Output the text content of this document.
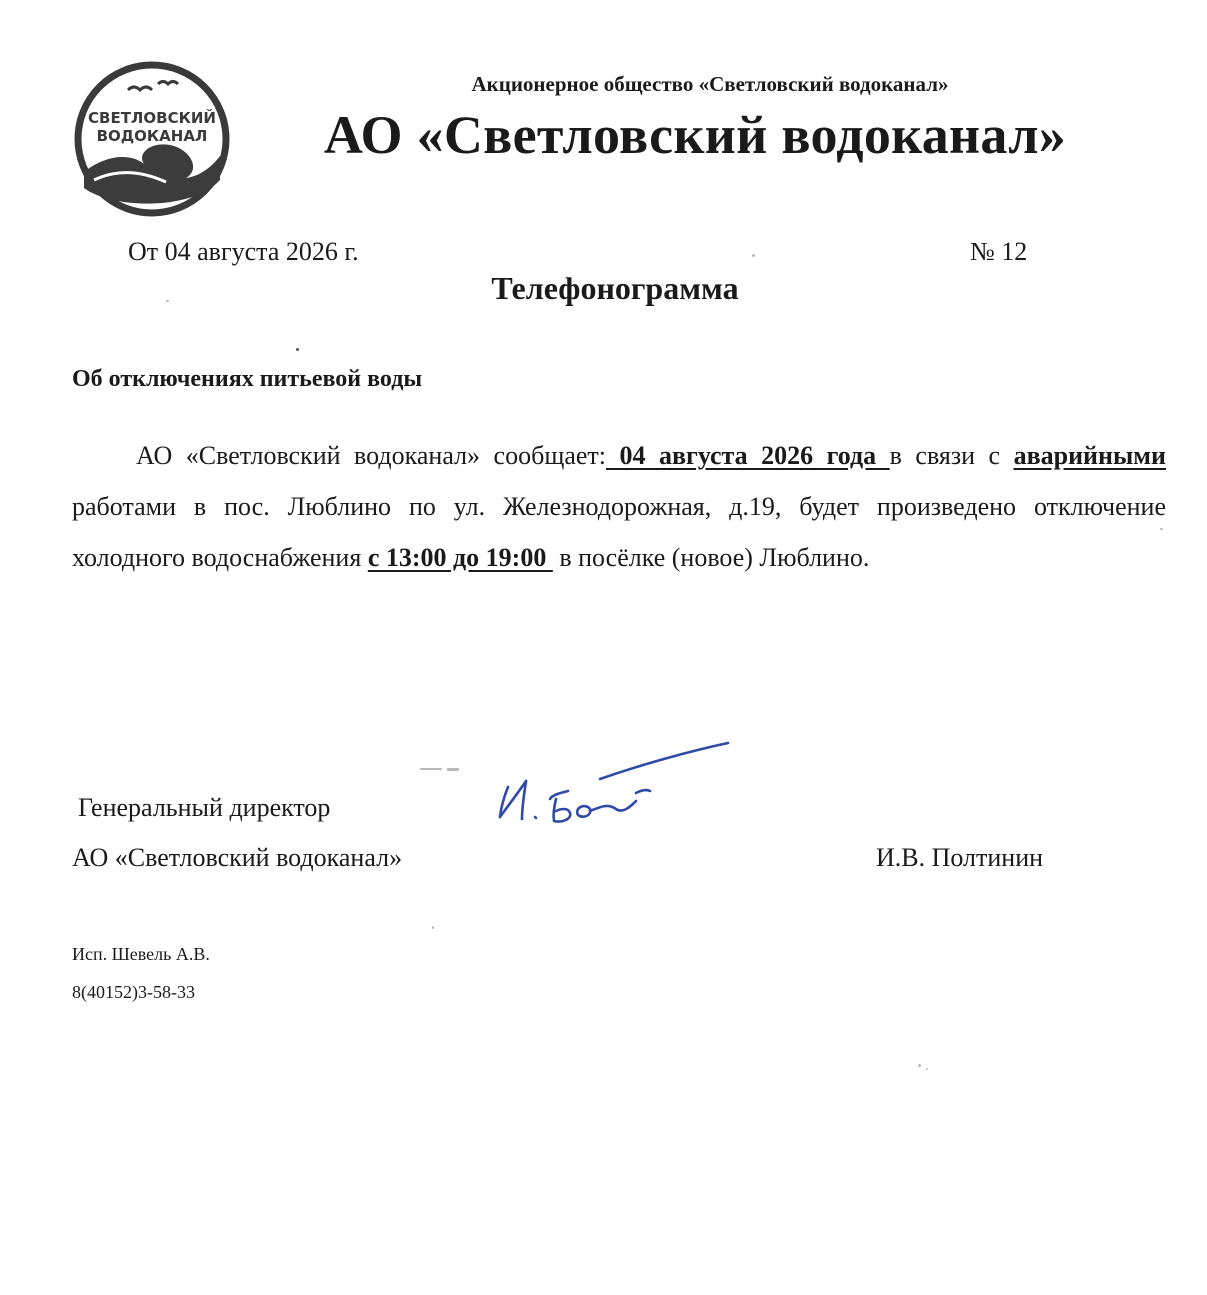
СВЕТЛОВСКИЙ
ВОДОКАНАЛ
Акционерное общество «Светловский водоканал»
АО «Светловский водоканал»
От 04 августа 2026 г.	№ 12
Телефонограмма
Об отключениях питьевой воды
АО «Светловский водоканал» сообщает: 04 августа 2026 года в связи с аварийными работами в пос. Люблино по ул. Железнодорожная, д.19, будет произведено отключение холодного водоснабжения с 13:00 до 19:00  в посёлке (новое) Люблино.
Генеральный директор
АО «Светловский водоканал»	И.В. Полтинин
Исп. Шевель А.В.
8(40152)3-58-33
